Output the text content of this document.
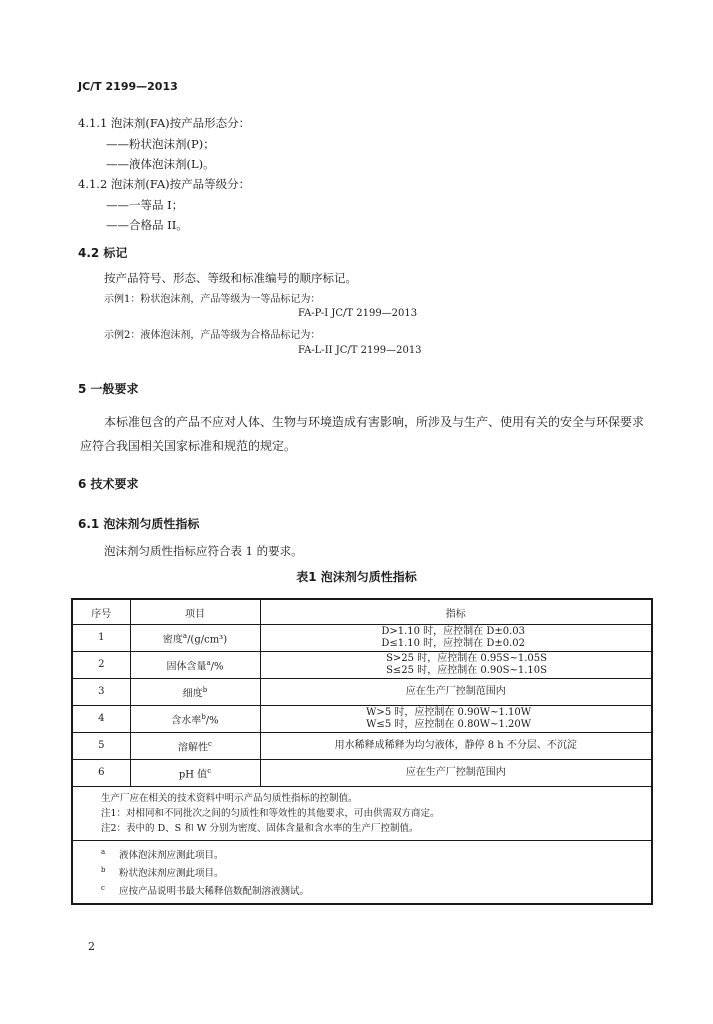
JC/T 2199—2013
4.1.1 泡沫剂(FA)按产品形态分：
——粉状泡沫剂(P)；
——液体泡沫剂(L)。
4.1.2 泡沫剂(FA)按产品等级分：
——一等品 I；
——合格品 II。
4.2 标记
按产品符号、形态、等级和标准编号的顺序标记。
示例1：粉状泡沫剂，产品等级为一等品标记为：
FA-P-I JC/T 2199—2013
示例2：液体泡沫剂，产品等级为合格品标记为：
FA-L-II JC/T 2199—2013
5 一般要求
本标准包含的产品不应对人体、生物与环境造成有害影响，所涉及与生产、使用有关的安全与环保要求应符合我国相关国家标准和规范的规定。
6 技术要求
6.1 泡沫剂匀质性指标
泡沫剂匀质性指标应符合表 1 的要求。
表1 泡沫剂匀质性指标
序号	项目	指标
1	密度$^a$/(g/cm³)	D>1.10 时，应控制在 D±0.03
D≤1.10 时，应控制在 D±0.02

2	固体含量$^a$/%	S>25 时，应控制在 0.95S~1.05S
S≤25 时，应控制在 0.90S~1.10S

3	细度$^b$	应在生产厂控制范围内
4	含水率$^b$/%	W>5 时，应控制在 0.90W~1.10W
W≤5 时，应控制在 0.80W~1.20W

5	溶解性$^c$	用水稀释成稀释为均匀液体，静停 8 h 不分层、不沉淀
6	pH 值$^c$	应在生产厂控制范围内

生产厂应在相关的技术资料中明示产品匀质性指标的控制值。
注1：对相同和不同批次之间的匀质性和等效性的其他要求，可由供需双方商定。
注2：表中的 D、S 和 W 分别为密度、固体含量和含水率的生产厂控制值。		

$^a$ 液体泡沫剂应测此项目。
$^b$ 粉状泡沫剂应测此项目。
$^c$ 应按产品说明书最大稀释倍数配制溶液测试。		
2
